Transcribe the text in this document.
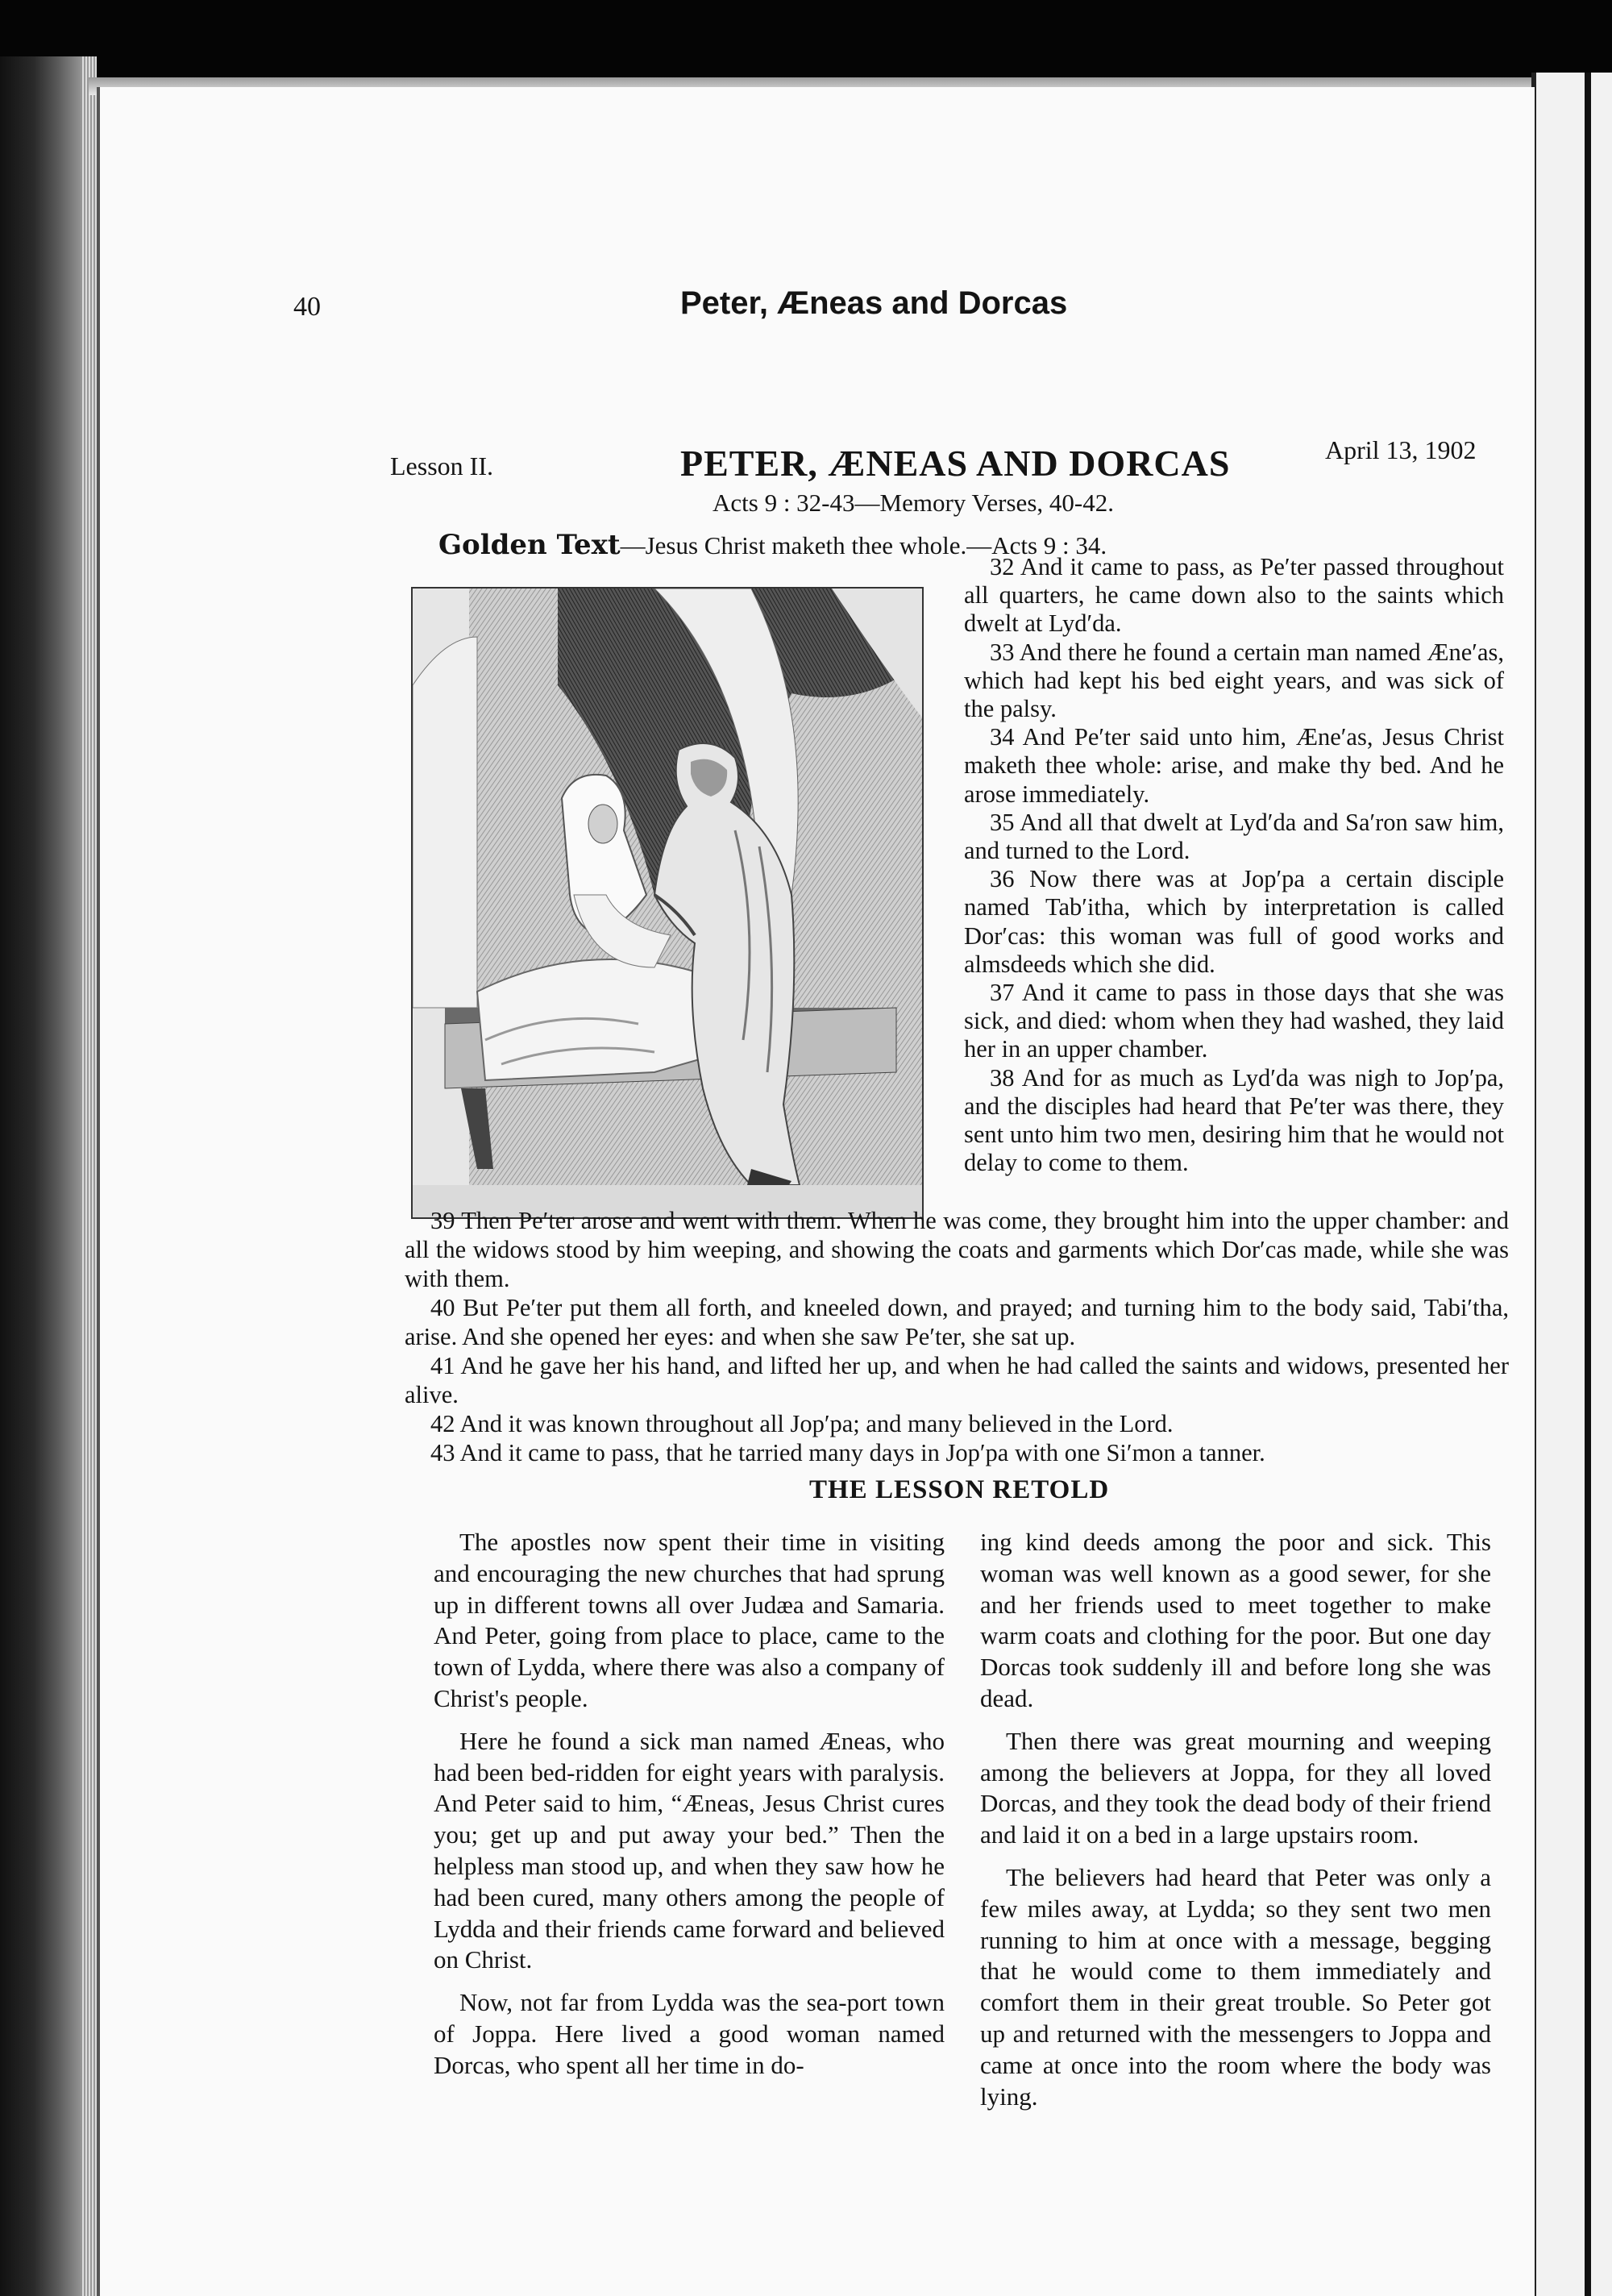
40	Peter, Æneas and Dorcas
Lesson II.	PETER, ÆNEAS AND DORCAS	April 13, 1902
Acts 9 : 32-43—Memory Verses, 40-42.
Golden Text—Jesus Christ maketh thee whole.—Acts 9 : 34.

32 And it came to pass, as Pe′ter passed throughout all quarters, he came down also to the saints which dwelt at Lyd′da.

33 And there he found a certain man named Æne′as, which had kept his bed eight years, and was sick of the palsy.

34 And Pe′ter said unto him, Æne′as, Jesus Christ maketh thee whole: arise, and make thy bed. And he arose immediately.

35 And all that dwelt at Lyd′da and Sa′ron saw him, and turned to the Lord.

36 Now there was at Jop′pa a certain disciple named Tab′itha, which by interpretation is called Dor′cas: this woman was full of good works and almsdeeds which she did.

37 And it came to pass in those days that she was sick, and died: whom when they had washed, they laid her in an upper chamber.

38 And for as much as Lyd′da was nigh to Jop′pa, and the disciples had heard that Pe′ter was there, they sent unto him two men, desiring him that he would not delay to come to them.

39 Then Pe′ter arose and went with them. When he was come, they brought him into the upper chamber: and all the widows stood by him weeping, and showing the coats and garments which Dor′cas made, while she was with them.

40 But Pe′ter put them all forth, and kneeled down, and prayed; and turning him to the body said, Tabi′tha, arise. And she opened her eyes: and when she saw Pe′ter, she sat up.

41 And he gave her his hand, and lifted her up, and when he had called the saints and widows, presented her alive.

42 And it was known throughout all Jop′pa; and many believed in the Lord.

43 And it came to pass, that he tarried many days in Jop′pa with one Si′mon a tanner.

THE LESSON RETOLD

The apostles now spent their time in visiting and encouraging the new churches that had sprung up in different towns all over Judæa and Samaria. And Peter, going from place to place, came to the town of Lydda, where there was also a company of Christ's people.

Here he found a sick man named Æneas, who had been bed-ridden for eight years with paralysis. And Peter said to him, “Æneas, Jesus Christ cures you; get up and put away your bed.” Then the helpless man stood up, and when they saw how he had been cured, many others among the people of Lydda and their friends came forward and believed on Christ.

Now, not far from Lydda was the sea-port town of Joppa. Here lived a good woman named Dorcas, who spent all her time in do-

ing kind deeds among the poor and sick. This woman was well known as a good sewer, for she and her friends used to meet together to make warm coats and clothing for the poor. But one day Dorcas took suddenly ill and before long she was dead.

Then there was great mourning and weeping among the believers at Joppa, for they all loved Dorcas, and they took the dead body of their friend and laid it on a bed in a large upstairs room.

The believers had heard that Peter was only a few miles away, at Lydda; so they sent two men running to him at once with a message, begging that he would come to them immediately and comfort them in their great trouble. So Peter got up and returned with the messengers to Joppa and came at once into the room where the body was lying.
